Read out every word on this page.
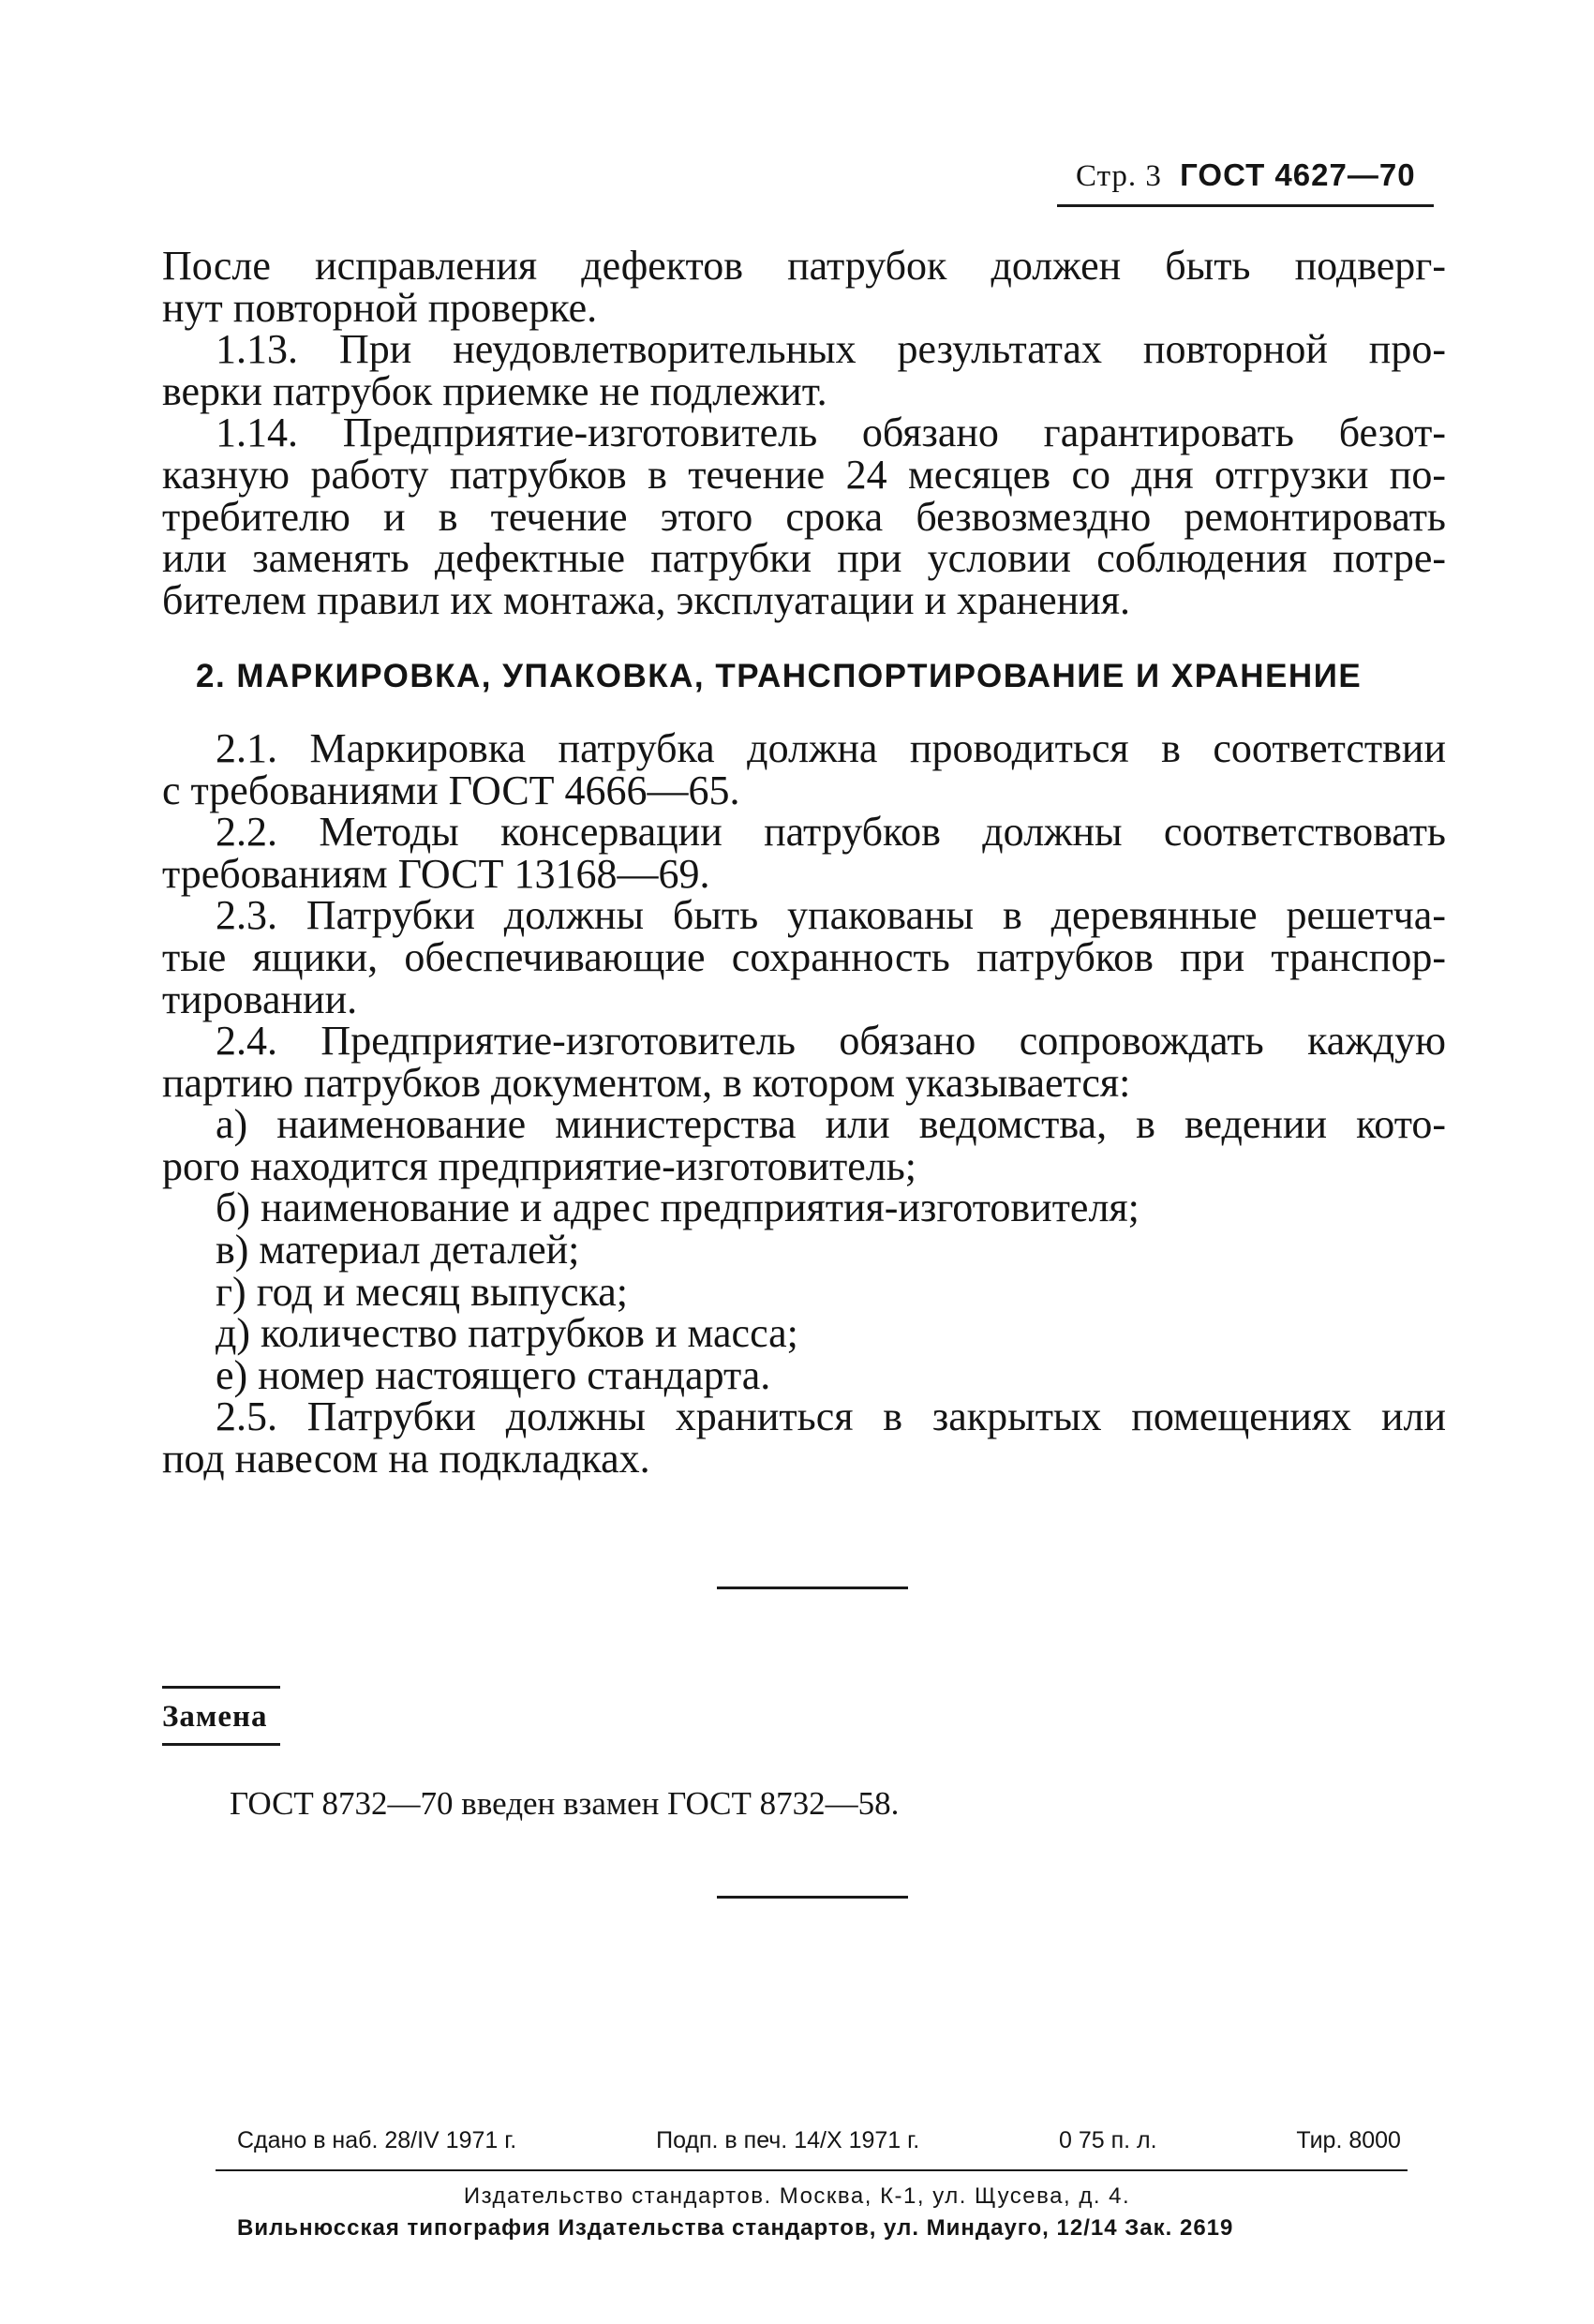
Стр. 3 ГОСТ 4627—70

После исправления дефектов патрубок должен быть подверг-

нут повторной проверке.

1.13. При неудовлетворительных результатах повторной про-

верки патрубок приемке не подлежит.

1.14. Предприятие-изготовитель обязано гарантировать безот-

казную работу патрубков в течение 24 месяцев со дня отгрузки по-

требителю и в течение этого срока безвозмездно ремонтировать

или заменять дефектные патрубки при условии соблюдения потре-

бителем правил их монтажа, эксплуатации и хранения.

2. МАРКИРОВКА, УПАКОВКА, ТРАНСПОРТИРОВАНИЕ И ХРАНЕНИЕ

2.1. Маркировка патрубка должна проводиться в соответствии

с требованиями ГОСТ 4666—65.

2.2. Методы консервации патрубков должны соответствовать

требованиям ГОСТ 13168—69.

2.3. Патрубки должны быть упакованы в деревянные решетча-

тые ящики, обеспечивающие сохранность патрубков при транспор-

тировании.

2.4. Предприятие-изготовитель обязано сопровождать каждую

партию патрубков документом, в котором указывается:

а) наименование министерства или ведомства, в ведении кото-

рого находится предприятие-изготовитель;

б) наименование и адрес предприятия-изготовителя;

в) материал деталей;

г) год и месяц выпуска;

д) количество патрубков и масса;

е) номер настоящего стандарта.

2.5. Патрубки должны храниться в закрытых помещениях или

под навесом на подкладках.

Замена
ГОСТ 8732—70 введен взамен ГОСТ 8732—58.
Сдано в наб. 28/IV 1971 г.	Подп. в печ. 14/X 1971 г.	0 75 п. л.	Тир. 8000
Издательство стандартов. Москва, К-1, ул. Щусева, д. 4.
Вильнюсская типография Издательства стандартов, ул. Миндауго, 12/14 Зак. 2619
